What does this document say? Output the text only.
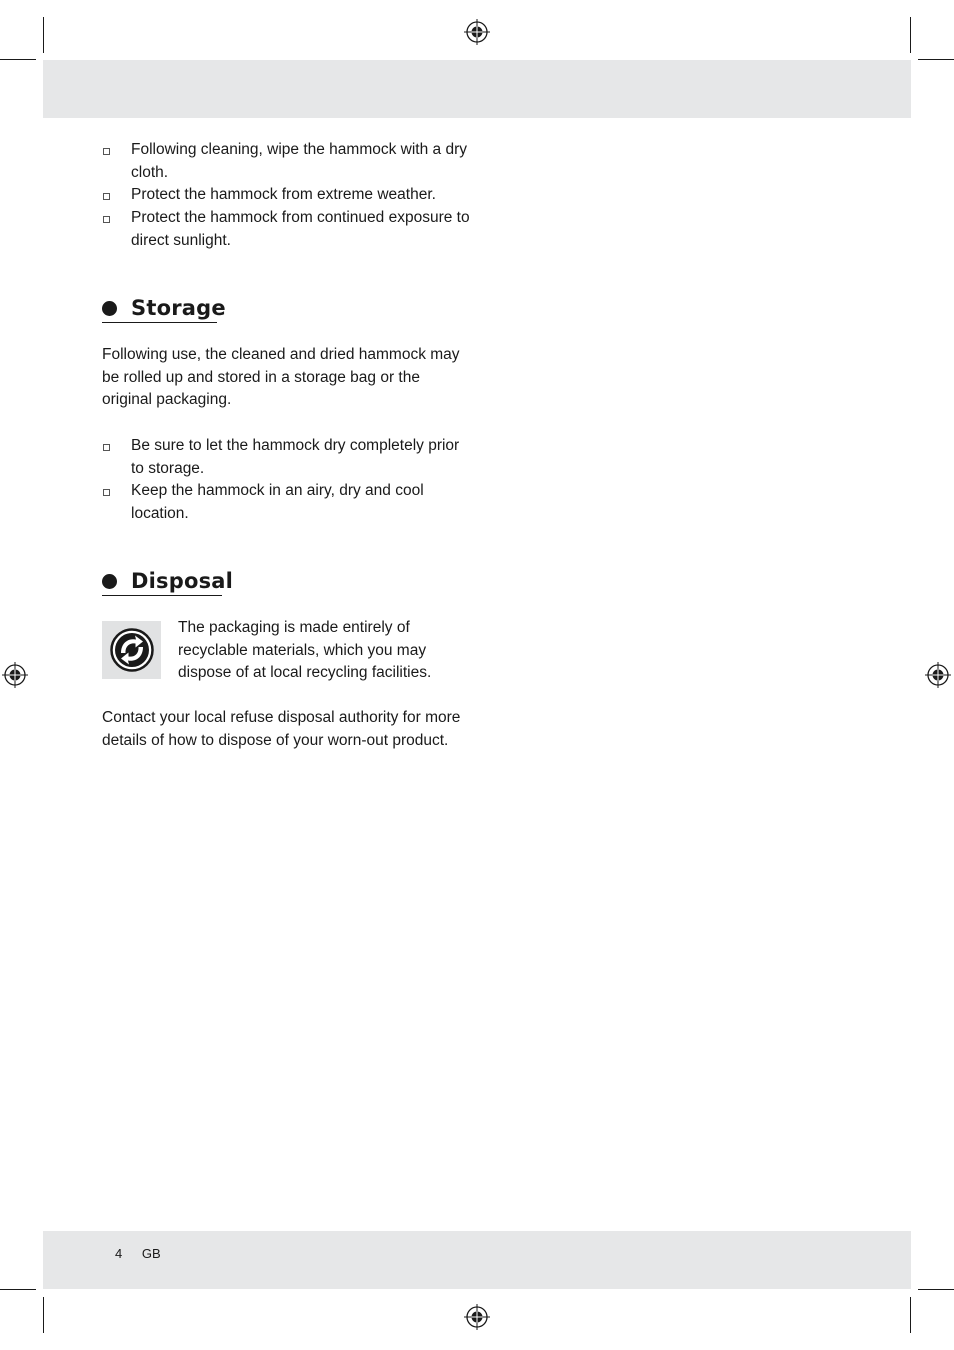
Following cleaning, wipe the hammock with a dry cloth.
Protect the hammock from extreme weather.
Protect the hammock from continued exposure to direct sunlight.
Storage

Following use, the cleaned and dried hammock may be rolled up and stored in a storage bag or the original packaging.

Be sure to let the hammock dry completely prior to storage.
Keep the hammock in an airy, dry and cool location.
Disposal

The packaging is made entirely of recyclable materials, which you may dispose of at local recycling facilities.

Contact your local refuse disposal authority for more details of how to dispose of your worn-out product.

4 GB
